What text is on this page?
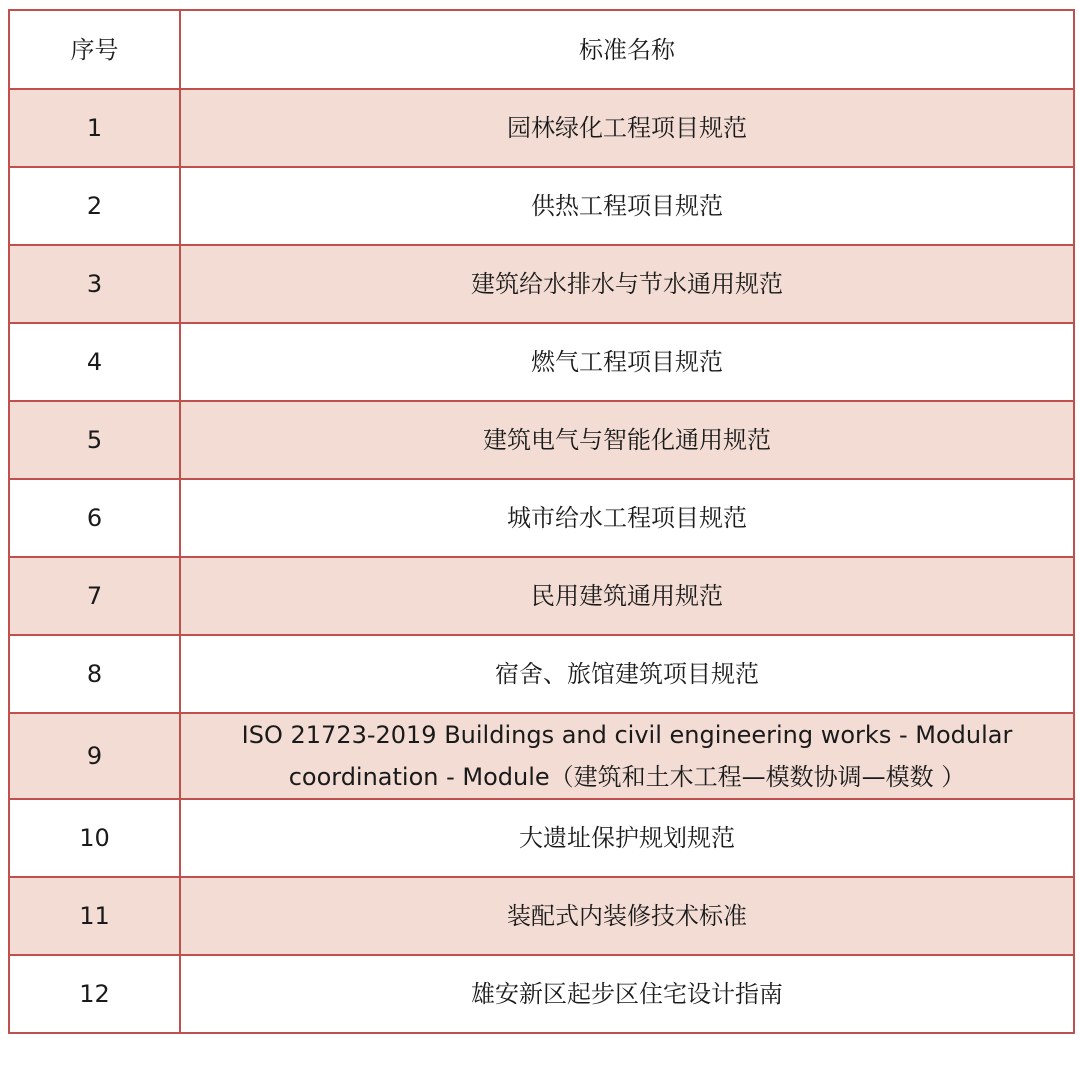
序号	标准名称
1	园林绿化工程项目规范
2	供热工程项目规范
3	建筑给水排水与节水通用规范
4	燃气工程项目规范
5	建筑电气与智能化通用规范
6	城市给水工程项目规范
7	民用建筑通用规范
8	宿舍、旅馆建筑项目规范
9	ISO 21723-2019 Buildings and civil engineering works - Modular coordination - Module（建筑和土木工程—模数协调—模数 ）
10	大遗址保护规划规范
11	装配式内装修技术标准
12	雄安新区起步区住宅设计指南
